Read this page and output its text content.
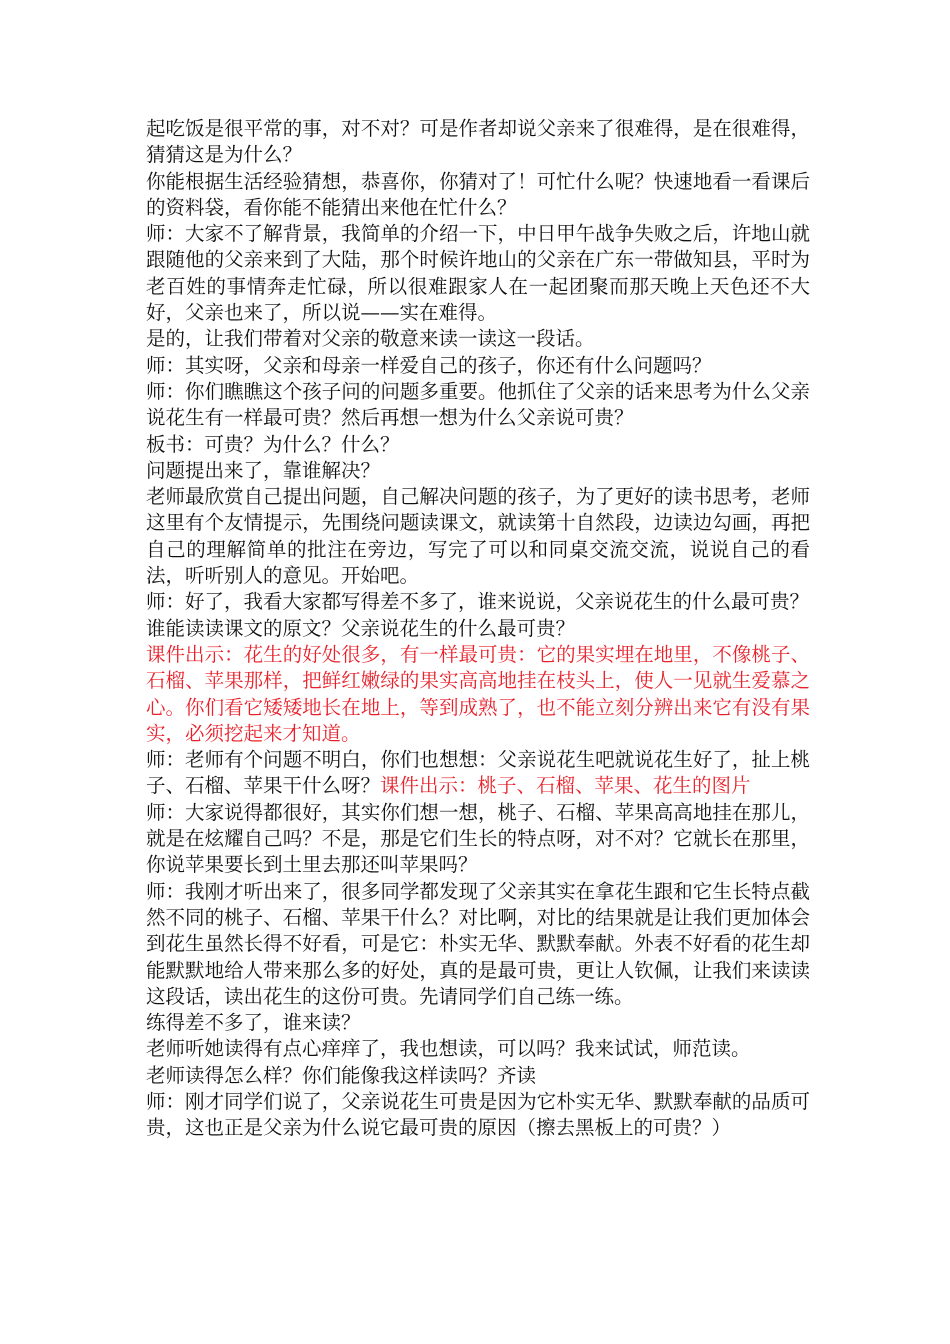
起吃饭是很平常的事，对不对？可是作者却说父亲来了很难得，是在很难得，猜猜这是为什么？

你能根据生活经验猜想，恭喜你，你猜对了！可忙什么呢？快速地看一看课后的资料袋，看你能不能猜出来他在忙什么？

师：大家不了解背景，我简单的介绍一下，中日甲午战争失败之后，许地山就跟随他的父亲来到了大陆，那个时候许地山的父亲在广东一带做知县，平时为老百姓的事情奔走忙碌，所以很难跟家人在一起团聚而那天晚上天色还不大好，父亲也来了，所以说——实在难得。

是的，让我们带着对父亲的敬意来读一读这一段话。

师：其实呀，父亲和母亲一样爱自己的孩子，你还有什么问题吗？

师：你们瞧瞧这个孩子问的问题多重要。他抓住了父亲的话来思考为什么父亲说花生有一样最可贵？然后再想一想为什么父亲说可贵？

板书：可贵？为什么？什么？

问题提出来了，靠谁解决？

老师最欣赏自己提出问题，自己解决问题的孩子，为了更好的读书思考，老师这里有个友情提示，先围绕问题读课文，就读第十自然段，边读边勾画，再把自己的理解简单的批注在旁边，写完了可以和同桌交流交流，说说自己的看法，听听别人的意见。开始吧。

师：好了，我看大家都写得差不多了，谁来说说，父亲说花生的什么最可贵？

谁能读读课文的原文？父亲说花生的什么最可贵？

课件出示：花生的好处很多，有一样最可贵：它的果实埋在地里，不像桃子、石榴、苹果那样，把鲜红嫩绿的果实高高地挂在枝头上，使人一见就生爱慕之心。你们看它矮矮地长在地上，等到成熟了，也不能立刻分辨出来它有没有果实，必须挖起来才知道。

师：老师有个问题不明白，你们也想想：父亲说花生吧就说花生好了，扯上桃子、石榴、苹果干什么呀？课件出示：桃子、石榴、苹果、花生的图片

师：大家说得都很好，其实你们想一想，桃子、石榴、苹果高高地挂在那儿，就是在炫耀自己吗？不是，那是它们生长的特点呀，对不对？它就长在那里，你说苹果要长到土里去那还叫苹果吗？

师：我刚才听出来了，很多同学都发现了父亲其实在拿花生跟和它生长特点截然不同的桃子、石榴、苹果干什么？对比啊，对比的结果就是让我们更加体会到花生虽然长得不好看，可是它：朴实无华、默默奉献。外表不好看的花生却能默默地给人带来那么多的好处，真的是最可贵，更让人钦佩，让我们来读读这段话，读出花生的这份可贵。先请同学们自己练一练。

练得差不多了，谁来读？

老师听她读得有点心痒痒了，我也想读，可以吗？我来试试，师范读。

老师读得怎么样？你们能像我这样读吗？齐读

师：刚才同学们说了，父亲说花生可贵是因为它朴实无华、默默奉献的品质可贵，这也正是父亲为什么说它最可贵的原因（擦去黑板上的可贵？）
